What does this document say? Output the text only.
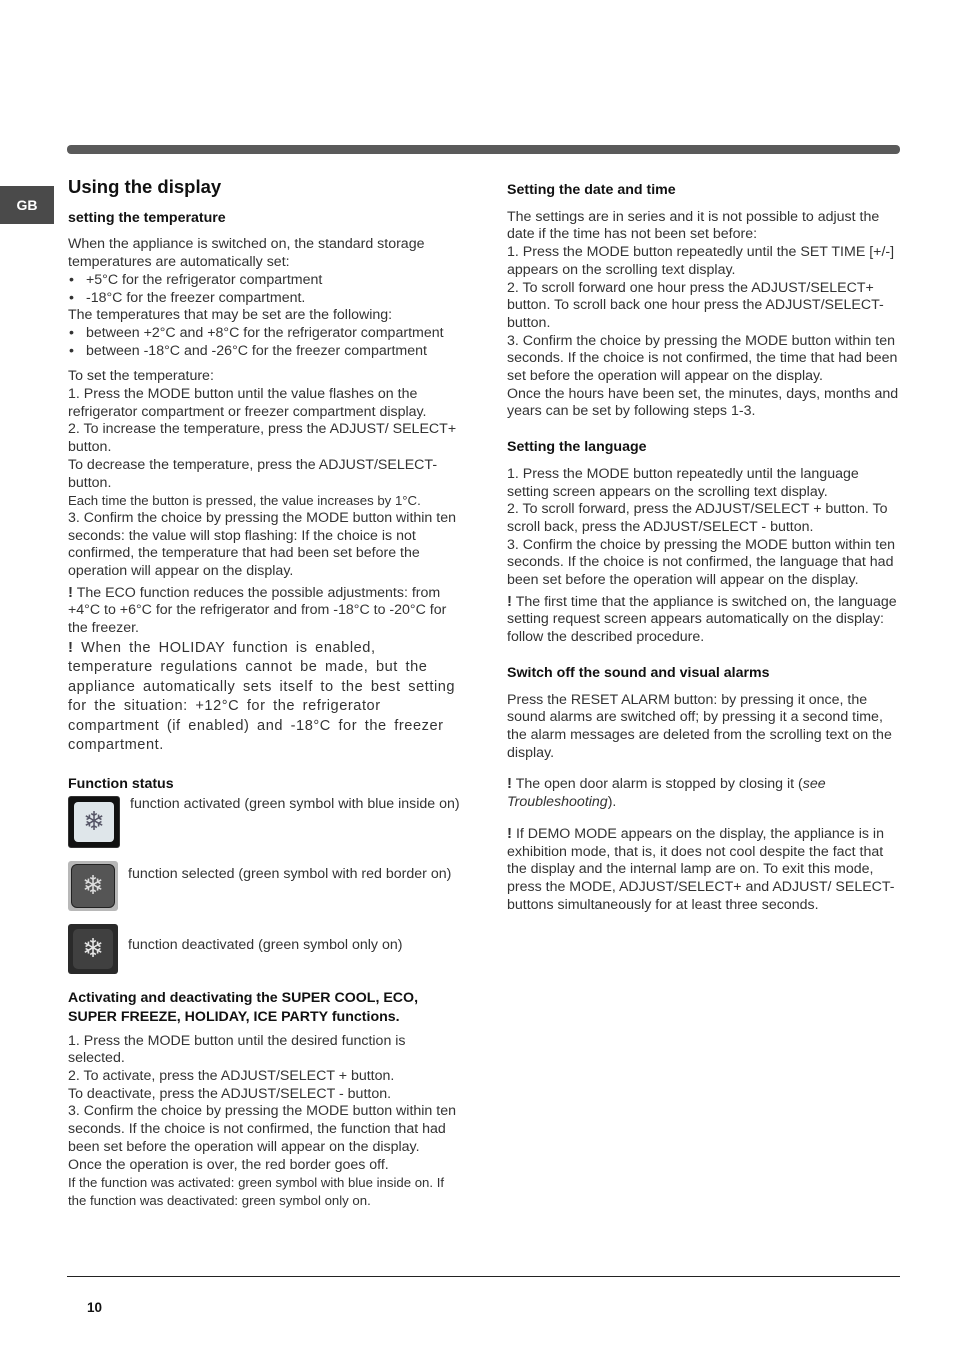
GB
Using the display
setting the temperature

When the appliance is switched on, the standard storage temperatures are automatically set:

• +5°C for the refrigerator compartment

• -18°C for the freezer compartment.

The temperatures that may be set are the following:

• between +2°C and +8°C for the refrigerator compartment

• between -18°C and -26°C for the freezer compartment

To set the temperature:

1. Press the MODE button until the value flashes on the refrigerator compartment or freezer compartment display.

2. To increase the temperature, press the ADJUST/ SELECT+ button.

To decrease the temperature, press the ADJUST/SELECT- button.

Each time the button is pressed, the value increases by 1°C.

3. Confirm the choice by pressing the MODE button within ten seconds: the value will stop flashing: If the choice is not confirmed, the temperature that had been set before the operation will appear on the display.

! The ECO function reduces the possible adjustments: from +4°C to +6°C for the refrigerator and from -18°C to -20°C for the freezer.

! When the HOLIDAY function is enabled, temperature regulations cannot be made, but the appliance automatically sets itself to the best setting for the situation: +12°C for the refrigerator compartment (if enabled) and -18°C for the freezer compartment.

Function status
❄

function activated (green symbol with blue inside on)

❄	function selected (green symbol with red border on)

❄	function deactivated (green symbol only on)

Activating and deactivating the SUPER COOL, ECO,
SUPER FREEZE, HOLIDAY, ICE PARTY functions.

1. Press the MODE button until the desired function is selected.

2. To activate, press the ADJUST/SELECT + button.

To deactivate, press the ADJUST/SELECT - button.

3. Confirm the choice by pressing the MODE button within ten seconds. If the choice is not confirmed, the function that had been set before the operation will appear on the display.

Once the operation is over, the red border goes off.

If the function was activated: green symbol with blue inside on. If the function was deactivated: green symbol only on.

Setting the date and time

The settings are in series and it is not possible to adjust the date if the time has not been set before:

1. Press the MODE button repeatedly until the SET TIME [+/-] appears on the scrolling text display.

2. To scroll forward one hour press the ADJUST/SELECT+ button. To scroll back one hour press the ADJUST/SELECT- button.

3. Confirm the choice by pressing the MODE button within ten seconds. If the choice is not confirmed, the time that had been set before the operation will appear on the display.

Once the hours have been set, the minutes, days, months and years can be set by following steps 1-3.

Setting the language

1. Press the MODE button repeatedly until the language setting screen appears on the scrolling text display.

2. To scroll forward, press the ADJUST/SELECT + button. To scroll back, press the ADJUST/SELECT - button.

3. Confirm the choice by pressing the MODE button within ten seconds. If the choice is not confirmed, the language that had been set before the operation will appear on the display.

! The first time that the appliance is switched on, the language setting request screen appears automatically on the display: follow the described procedure.

Switch off the sound and visual alarms

Press the RESET ALARM button: by pressing it once, the sound alarms are switched off; by pressing it a second time, the alarm messages are deleted from the scrolling text on the display.

! The open door alarm is stopped by closing it (see Troubleshooting).

! If DEMO MODE appears on the display, the appliance is in exhibition mode, that is, it does not cool despite the fact that the display and the internal lamp are on. To exit this mode, press the MODE, ADJUST/SELECT+ and ADJUST/ SELECT- buttons simultaneously for at least three seconds.

10
